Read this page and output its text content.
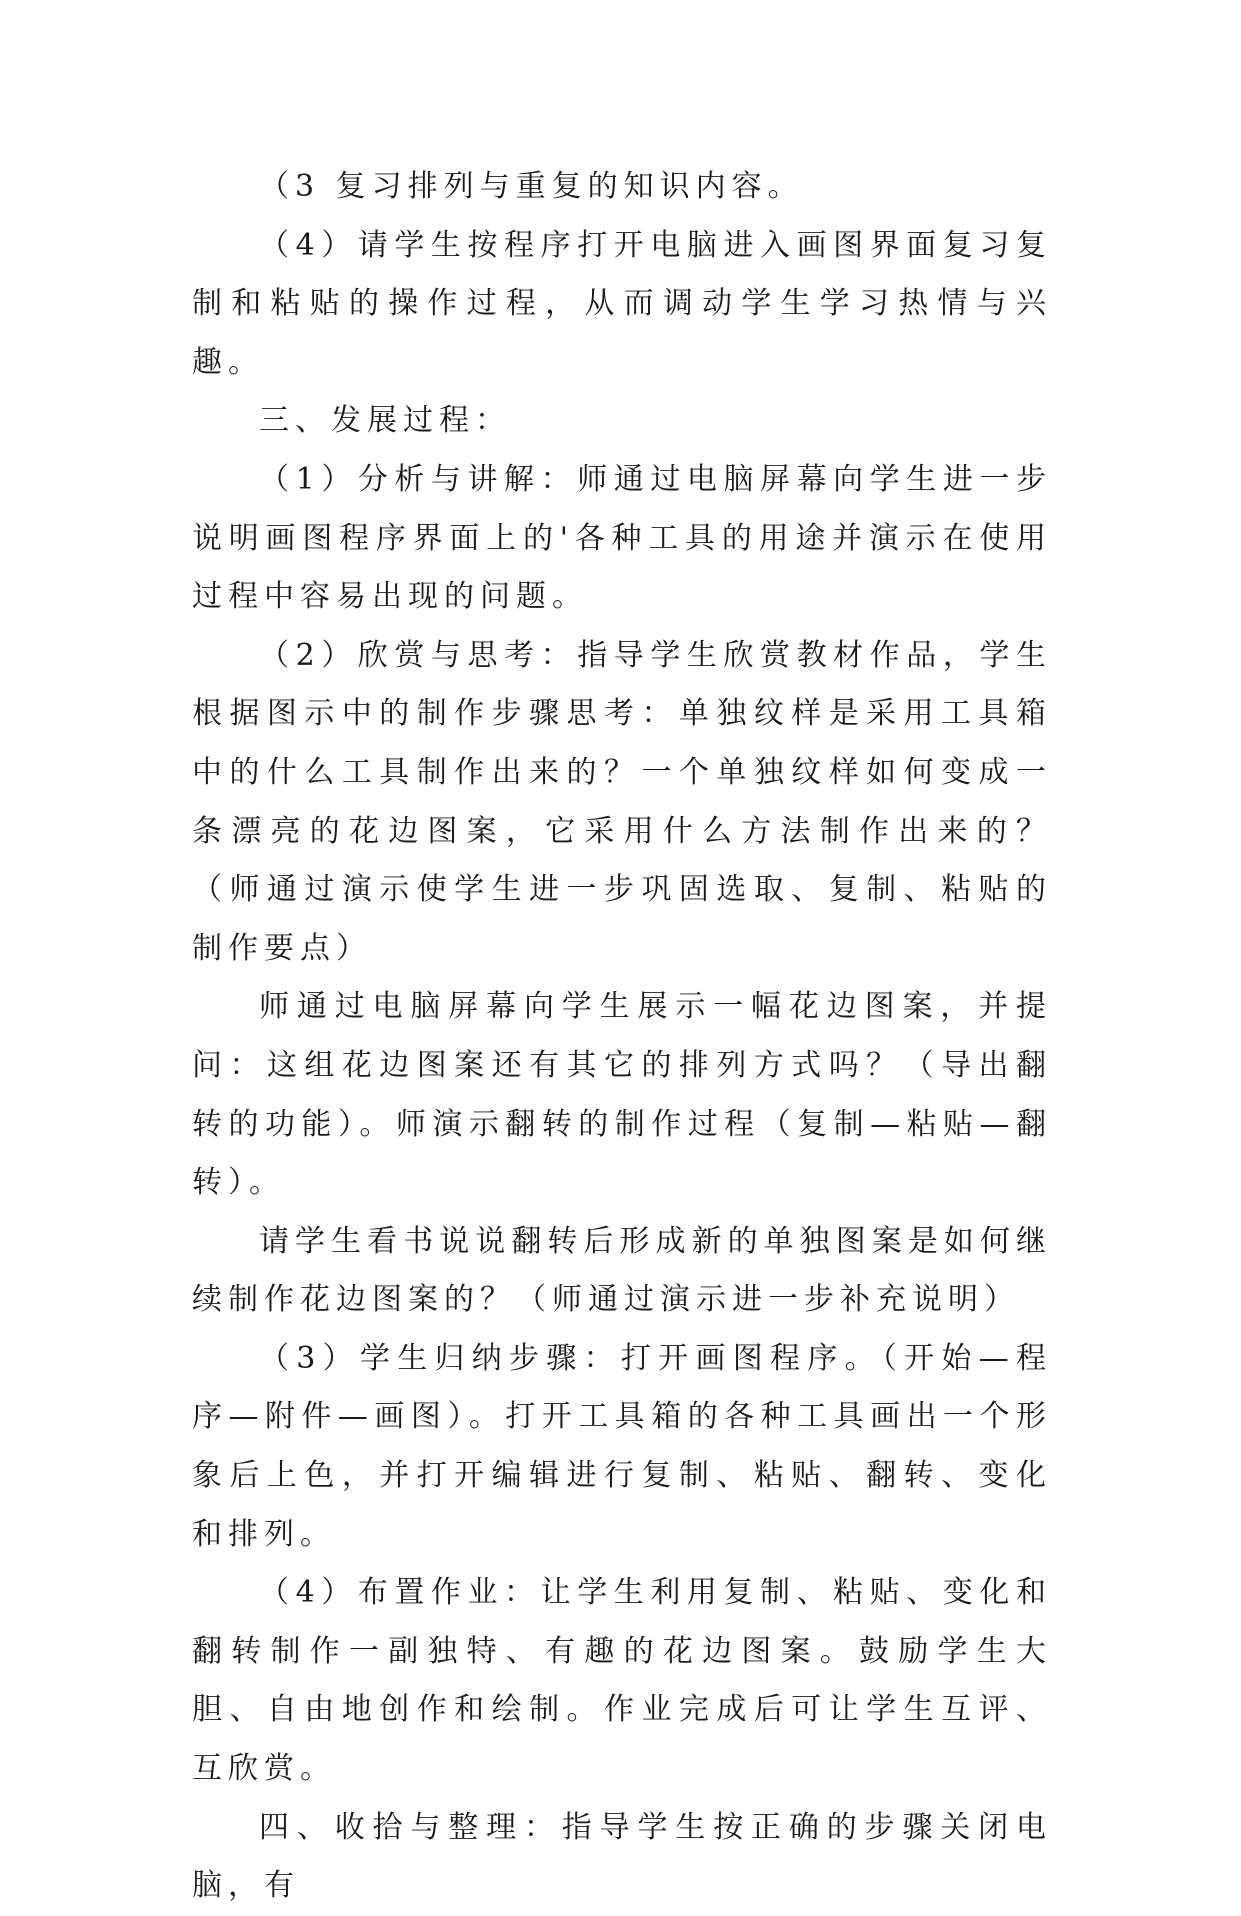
（3 复习排列与重复的知识内容。

（4）请学生按程序打开电脑进入画图界面复习复制和粘贴的操作过程，从而调动学生学习热情与兴趣。

三、发展过程：

（1）分析与讲解：师通过电脑屏幕向学生进一步说明画图程序界面上的'各种工具的用途并演示在使用过程中容易出现的问题。

（2）欣赏与思考：指导学生欣赏教材作品，学生根据图示中的制作步骤思考：单独纹样是采用工具箱中的什么工具制作出来的？一个单独纹样如何变成一条漂亮的花边图案，它采用什么方法制作出来的？（师通过演示使学生进一步巩固选取、复制、粘贴的制作要点）

师通过电脑屏幕向学生展示一幅花边图案，并提问：这组花边图案还有其它的排列方式吗？（导出翻转的功能）。师演示翻转的制作过程（复制—粘贴—翻转）。

请学生看书说说翻转后形成新的单独图案是如何继续制作花边图案的？（师通过演示进一步补充说明）

（3）学生归纳步骤：打开画图程序。（开始—程序—附件—画图）。打开工具箱的各种工具画出一个形象后上色，并打开编辑进行复制、粘贴、翻转、变化和排列。

（4）布置作业：让学生利用复制、粘贴、变化和翻转制作一副独特、有趣的花边图案。鼓励学生大胆、自由地创作和绘制。作业完成后可让学生互评、互欣赏。

四、收拾与整理：指导学生按正确的步骤关闭电脑，有
